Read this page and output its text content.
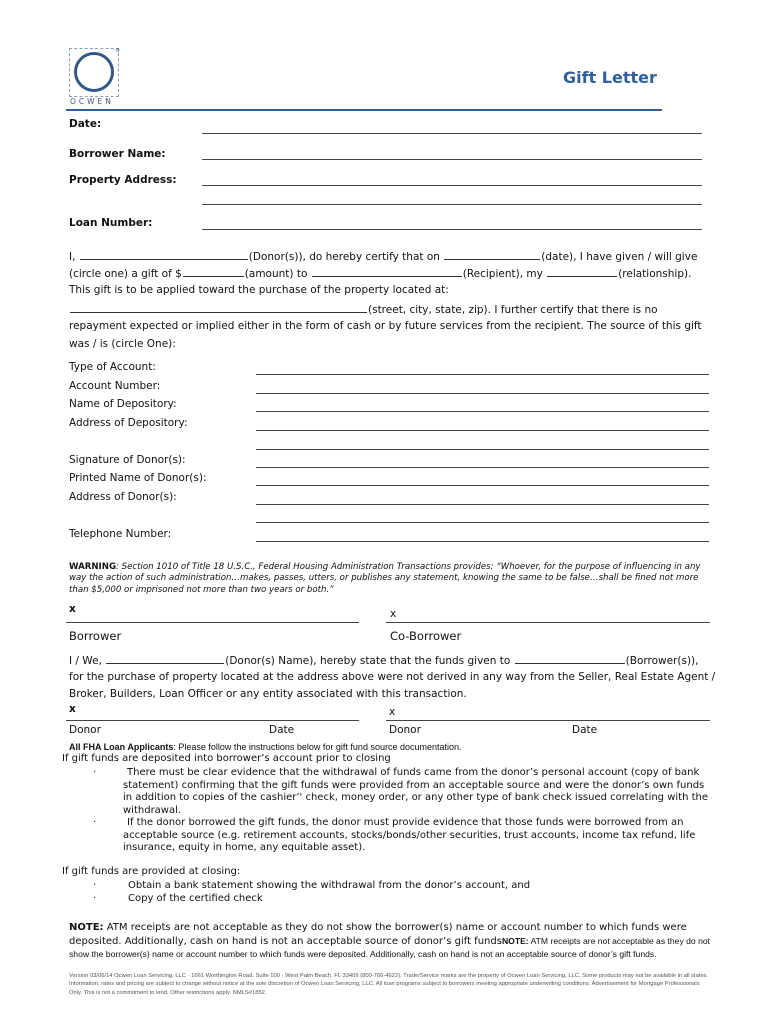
®
OCWEN
Gift Letter
Date:
Borrower Name:
Property Address:
Loan Number:
I,	(Donor(s)), do hereby certify that on	(date), I have given / will give
(circle one) a gift of $	(amount) to	(Recipient), my	(relationship).
This gift is to be applied toward the purchase of the property located at:
(street, city, state, zip). I further certify that there is no
repayment expected or implied either in the form of cash or by future services from the recipient. The source of this gift
was / is (circle One):
Type of Account:
Account Number:
Name of Depository:
Address of Depository:
Signature of Donor(s):
Printed Name of Donor(s):
Address of Donor(s):
Telephone Number:
WARNING: Section 1010 of Title 18 U.S.C., Federal Housing Administration Transactions provides: “Whoever, for the purpose of influencing in any way the action of such administration…makes, passes, utters, or publishes any statement, knowing the same to be false…shall be fined not more than $5,000 or imprisoned not more than two years or both.”
x	x
Borrower	Co-Borrower
I / We,	(Donor(s) Name), hereby state that the funds given to	(Borrower(s)),
for the purchase of property located at the address above were not derived in any way from the Seller, Real Estate Agent /
Broker, Builders, Loan Officer or any entity associated with this transaction.
x	x
Donor	Date	Donor	Date
All FHA Loan Applicants: Please follow the instructions below for gift fund source documentation.
If gift funds are deposited into borrower’s account prior to closing
·	There must be clear evidence that the withdrawal of funds came from the donor’s personal account (copy of bank statement) confirming that the gift funds were provided from an acceptable source and were the donor’s own funds in addition to copies of the cashier’' check, money order, or any other type of bank check issued correlating with the withdrawal.
·	If the donor borrowed the gift funds, the donor must provide evidence that those funds were borrowed from an acceptable source (e.g. retirement accounts, stocks/bonds/other securities, trust accounts, income tax refund, life insurance, equity in home, any equitable asset).
If gift funds are provided at closing:
·	Obtain a bank statement showing the withdrawal from the donor’s account, and
·	Copy of the certified check
NOTE: ATM receipts are not acceptable as they do not show the borrower(s) name or account number to which funds were deposited. Additionally, cash on hand is not an acceptable source of donor’s gift fundsNOTE: ATM receipts are not acceptable as they do not show the borrower(s) name or account number to which funds were deposited. Additionally, cash on hand is not an acceptable source of donor’s gift funds.
Version 03/06/14 Ocwen Loan Servicing, LLC · 1661 Worthington Road, Suite 100 · West Palm Beach, FL 33409 (800-766-4622). Trade/Service marks are the property of Ocwen Loan Servicing, LLC. Some products may not be available in all states. Information, rates and pricing are subject to change without notice at the sole discretion of Ocwen Loan Servicing, LLC. All loan programs subject to borrowers meeting appropriate underwriting conditions. Advertisement for Mortgage Professionals Only. This is not a commitment to lend. Other restrictions apply. NMLS#1852.
